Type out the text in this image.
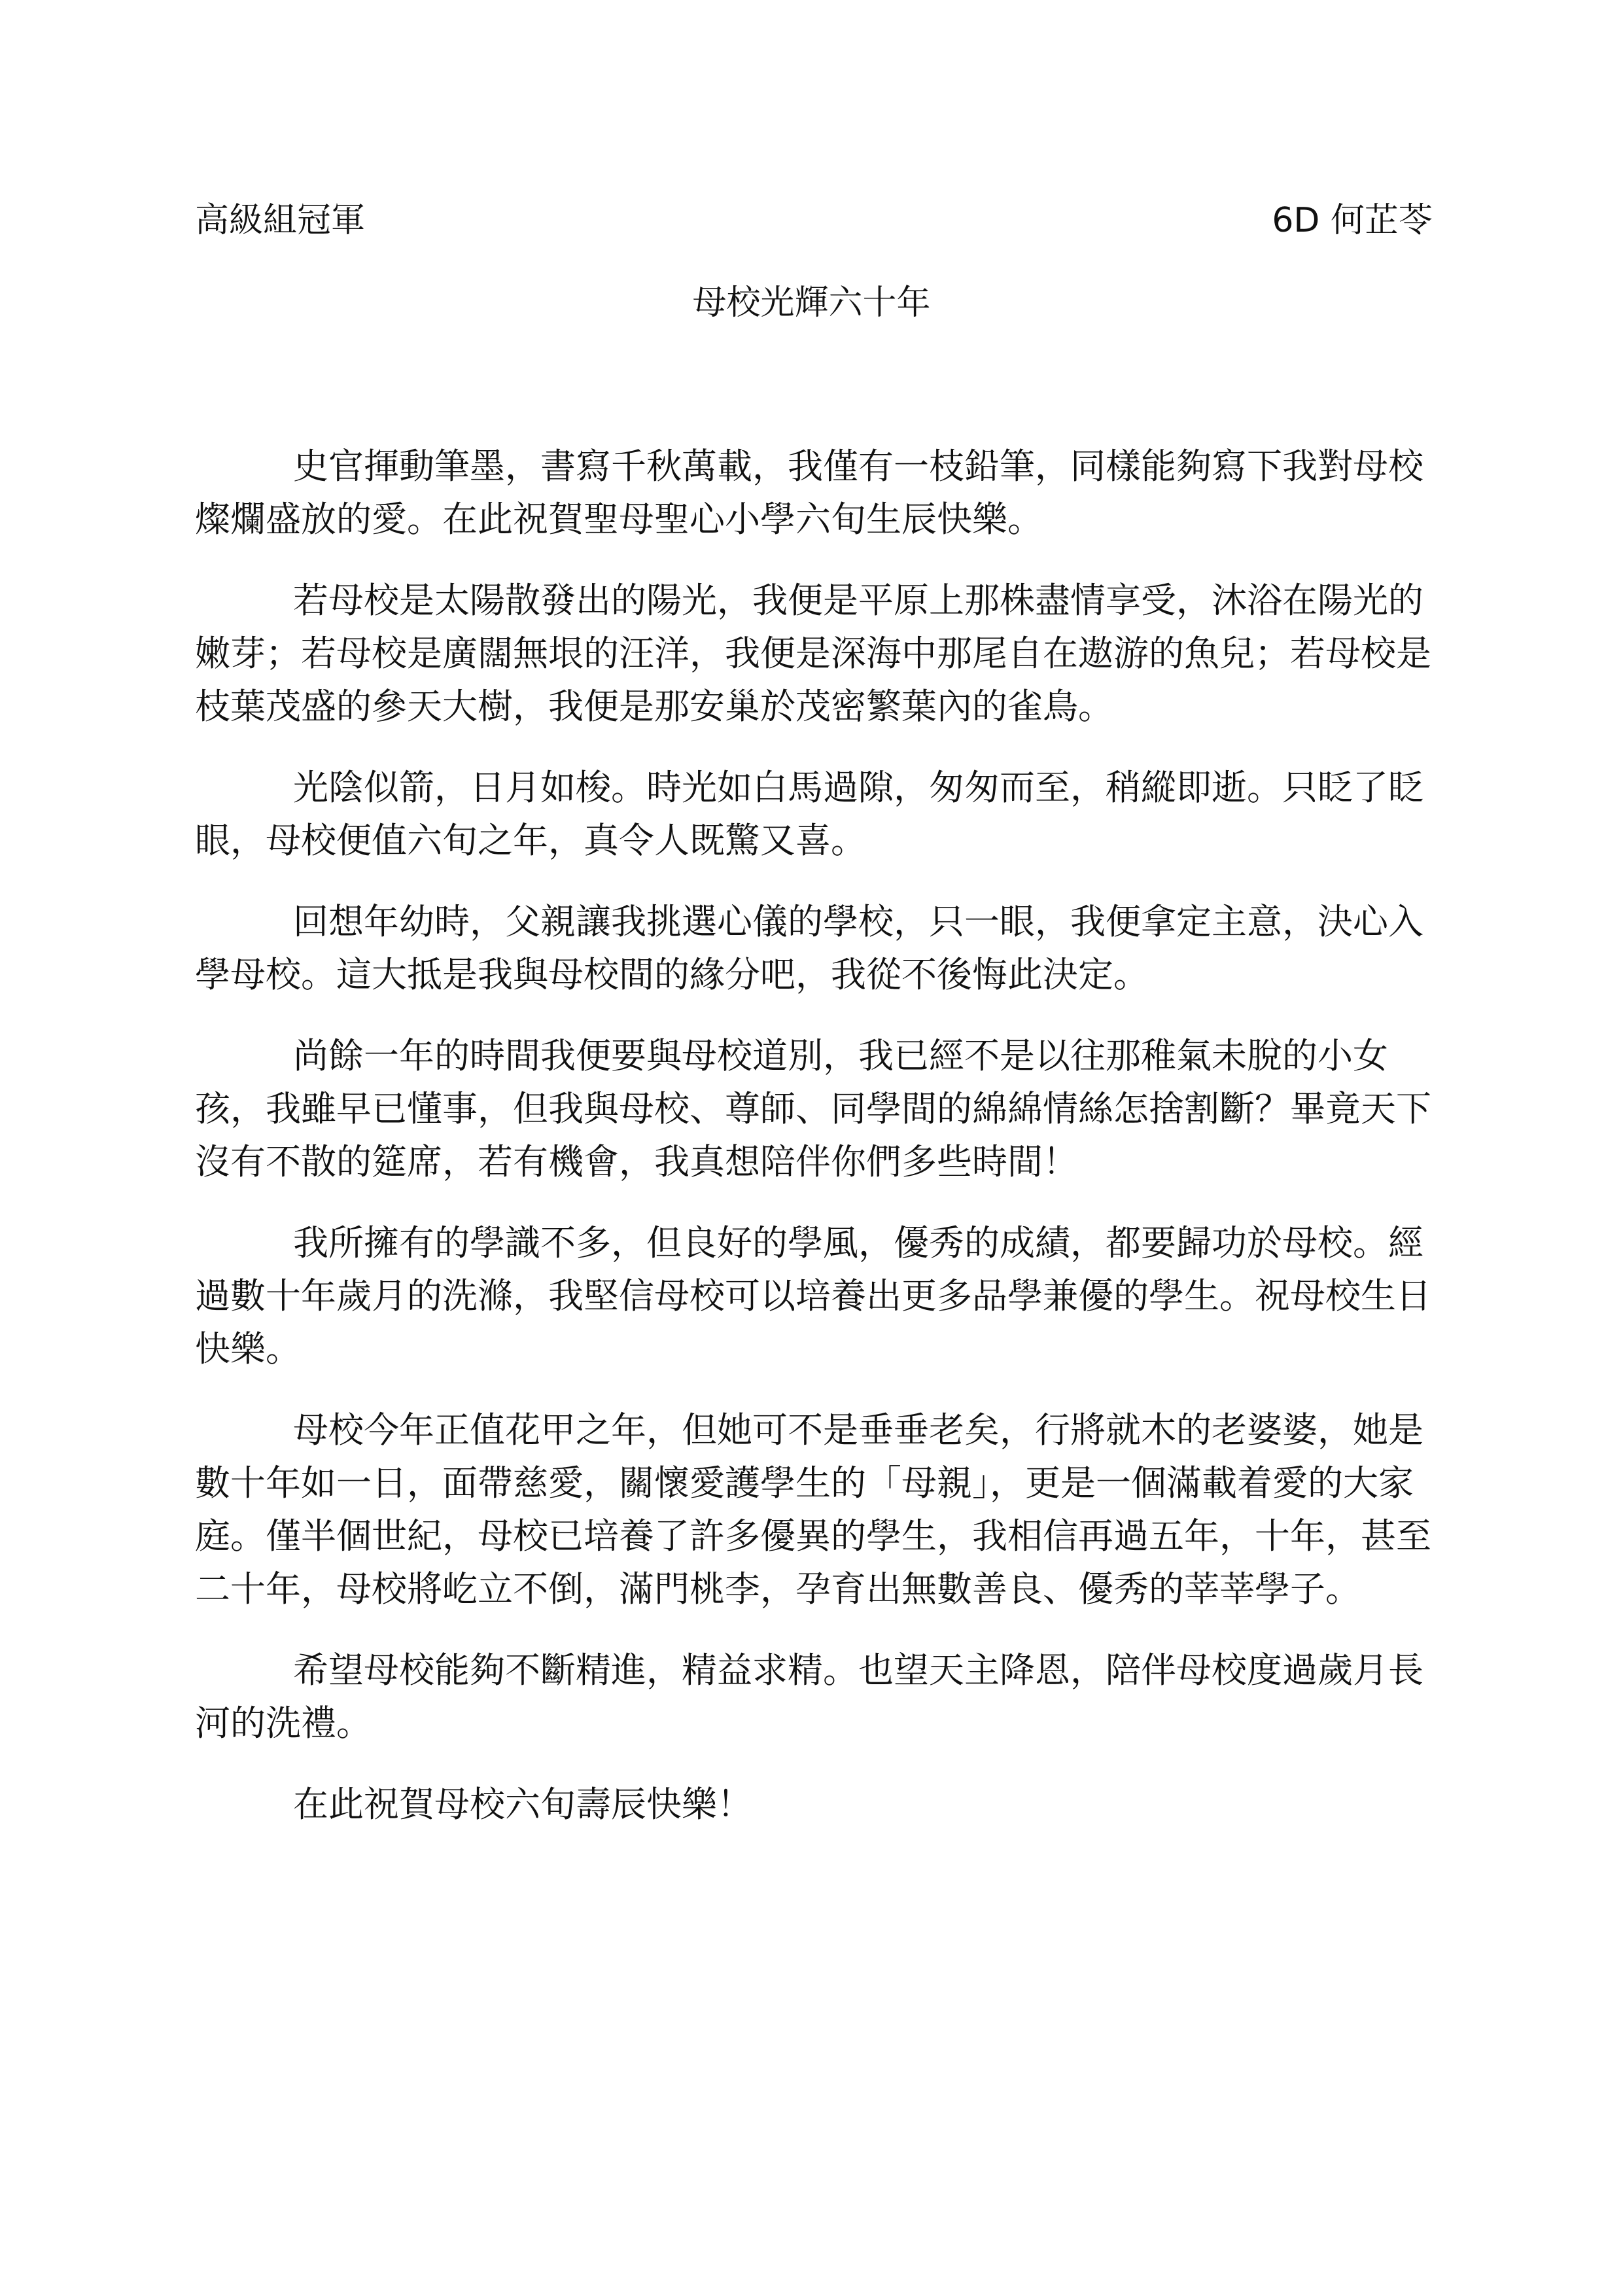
高級組冠軍	6D 何芷苓
母校光輝六十年

史官揮動筆墨，書寫千秋萬載，我僅有一枝鉛筆，同樣能夠寫下我對母校燦爛盛放的愛。在此祝賀聖母聖心小學六旬生辰快樂。

若母校是太陽散發出的陽光，我便是平原上那株盡情享受，沐浴在陽光的嫩芽；若母校是廣闊無垠的汪洋，我便是深海中那尾自在遨游的魚兒；若母校是枝葉茂盛的參天大樹，我便是那安巢於茂密繁葉內的雀鳥。

光陰似箭，日月如梭。時光如白馬過隙，匆匆而至，稍縱即逝。只眨了眨眼，母校便值六旬之年，真令人既驚又喜。

回想年幼時，父親讓我挑選心儀的學校，只一眼，我便拿定主意，決心入學母校。這大抵是我與母校間的緣分吧，我從不後悔此決定。

尚餘一年的時間我便要與母校道別，我已經不是以往那稚氣未脫的小女孩，我雖早已懂事，但我與母校、尊師、同學間的綿綿情絲怎捨割斷？畢竟天下沒有不散的筵席，若有機會，我真想陪伴你們多些時間！

我所擁有的學識不多，但良好的學風，優秀的成績，都要歸功於母校。經過數十年歲月的洗滌，我堅信母校可以培養出更多品學兼優的學生。祝母校生日快樂。

母校今年正值花甲之年，但她可不是垂垂老矣，行將就木的老婆婆，她是數十年如一日，面帶慈愛，關懷愛護學生的「母親」，更是一個滿載着愛的大家庭。僅半個世紀，母校已培養了許多優異的學生，我相信再過五年，十年，甚至二十年，母校將屹立不倒，滿門桃李，孕育出無數善良、優秀的莘莘學子。

希望母校能夠不斷精進，精益求精。也望天主降恩，陪伴母校度過歲月長河的洗禮。

在此祝賀母校六旬壽辰快樂！
